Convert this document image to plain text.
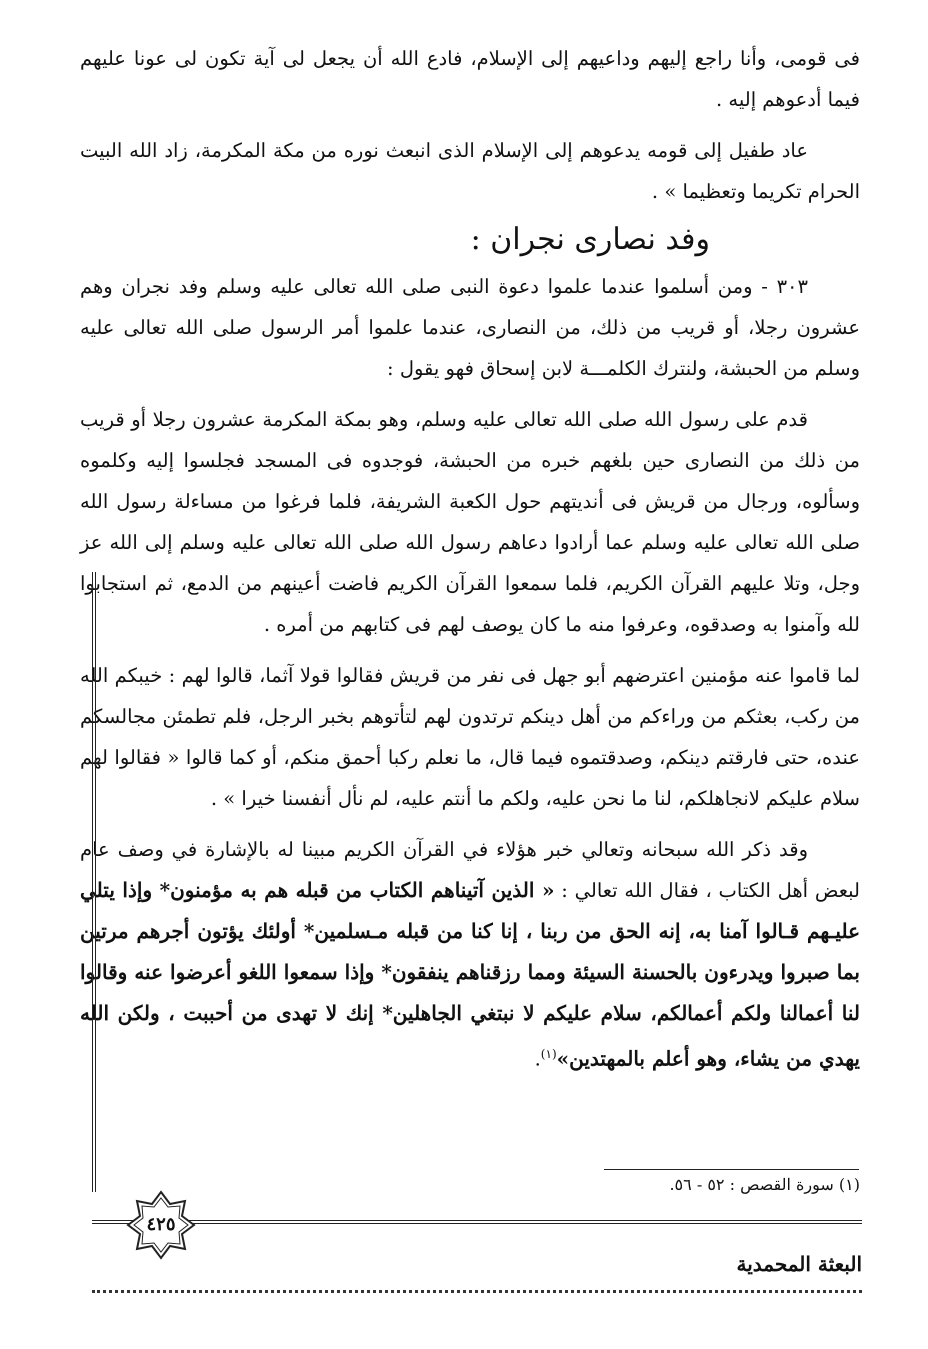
فى قومى، وأنا راجع إليهم وداعيهم إلى الإسلام، فادع الله أن يجعل لى آية تكون لى عونا عليهم فيما أدعوهم إليه .

عاد طفيل إلى قومه يدعوهم إلى الإسلام الذى انبعث نوره من مكة المكرمة، زاد الله البيت الحرام تكريما وتعظيما » .

وفد نصارى نجران :

٣٠٣ - ومن أسلموا عندما علموا دعوة النبى صلى الله تعالى عليه وسلم وفد نجران وهم عشرون رجلا، أو قريب من ذلك، من النصارى، عندما علموا أمر الرسول صلى الله تعالى عليه وسلم من الحبشة، ولنترك الكلمـــة لابن إسحاق فهو يقول :

قدم على رسول الله صلى الله تعالى عليه وسلم، وهو بمكة المكرمة عشرون رجلا أو قريب من ذلك من النصارى حين بلغهم خبره من الحبشة، فوجدوه فى المسجد فجلسوا إليه وكلموه وسألوه، ورجال من قريش فى أنديتهم حول الكعبة الشريفة، فلما فرغوا من مساءلة رسول الله صلى الله تعالى عليه وسلم عما أرادوا دعاهم رسول الله صلى الله تعالى عليه وسلم إلى الله عز وجل، وتلا عليهم القرآن الكريم، فلما سمعوا القرآن الكريم فاضت أعينهم من الدمع، ثم استجابوا لله وآمنوا به وصدقوه، وعرفوا منه ما كان يوصف لهم فى كتابهم من أمره .

لما قاموا عنه مؤمنين اعترضهم أبو جهل فى نفر من قريش فقالوا قولا آثما، قالوا لهم : خيبكم الله من ركب، بعثكم من وراءكم من أهل دينكم ترتدون لهم لتأتوهم بخبر الرجل، فلم تطمئن مجالسكم عنده، حتى فارقتم دينكم، وصدقتموه فيما قال، ما نعلم ركبا أحمق منكم، أو كما قالوا « فقالوا لهم سلام عليكم لانجاهلكم، لنا ما نحن عليه، ولكم ما أنتم عليه، لم نأل أنفسنا خيرا » .

وقد ذكر الله سبحانه وتعالي خبر هؤلاء في القرآن الكريم مبينا له بالإشارة في وصف عام لبعض أهل الكتاب ، فقال الله تعالي : « الذين آتيناهم الكتاب من قبله هم به مؤمنون* وإذا يتلي عليـهم قـالوا آمنا به، إنه الحق من ربنا ، إنا كنا من قبله مـسلمين* أولئك يؤتون أجرهم مرتين بما صبروا ويدرءون بالحسنة السيئة ومما رزقناهم ينفقون* وإذا سمعوا اللغو أعرضوا عنه وقالوا لنا أعمالنا ولكم أعمالكم، سلام عليكم لا نبتغي الجاهلين* إنك لا تهدى من أحببت ، ولكن الله يهدي من يشاء، وهو أعلم بالمهتدين»$^{(١)}$.

(١) سورة القصص : ٥٢ - ٥٦.
٤٢٥
البعثة المحمدية
